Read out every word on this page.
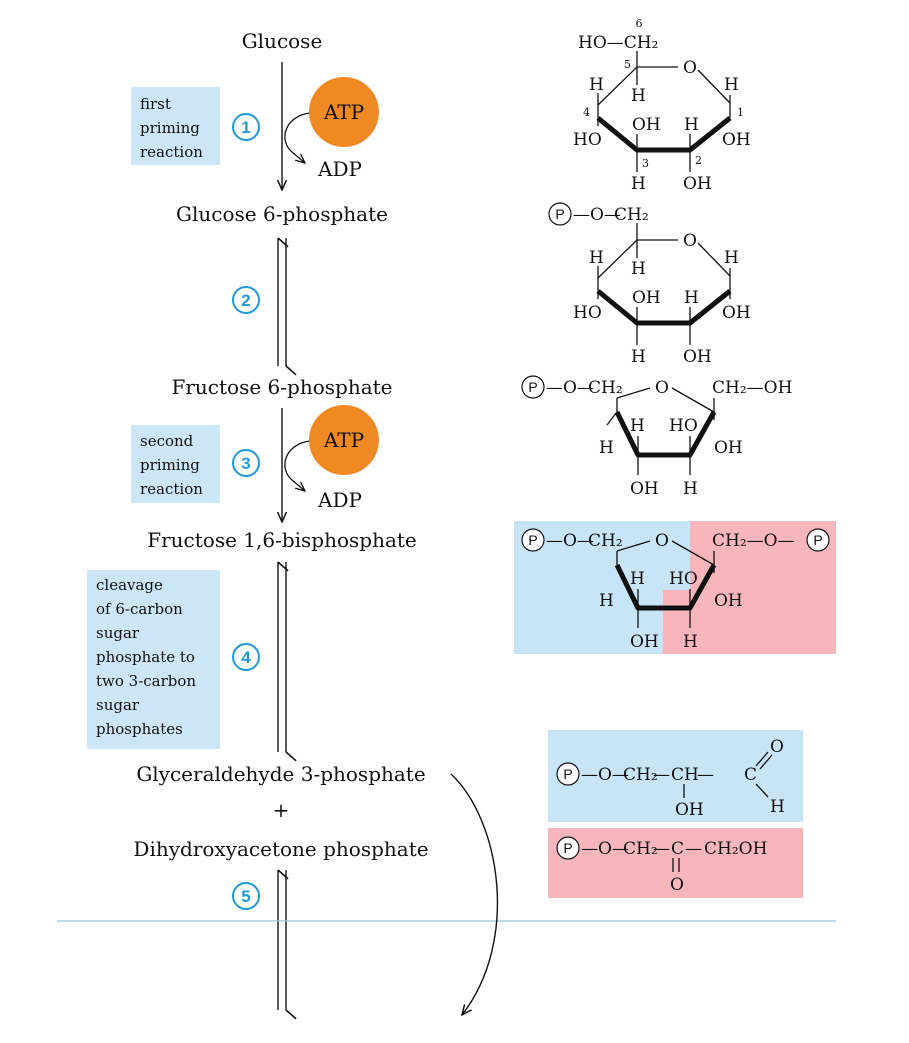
Glucose
first priming reaction
1
ATP
ADP
Glucose 6-phosphate
2
Fructose 6-phosphate
second priming reaction
3
ATP
ADP
Fructose 1,6-bisphosphate
cleavage of 6-carbon sugar phosphate to two 3-carbon sugar phosphates
4
Glyceraldehyde 3-phosphate
+
Dihydroxyacetone phosphate
5
6
HO—CH₂
5	O
H
H
4
HO
H
1
OH
OH H
3	2
H OH
P —O—
CH₂
O
H
H
HO
H
OH
OH H
H OH
P —O—
CH₂ O	CH₂—OH
H HO
H	OH
OH H
P —O—
CH₂ O	CH₂—O— P
H HO
H	OH
OH H
P —O—
CH₂
— CH
— C
OH
O
H
P —O—
CH₂
— C — CH₂OH
O
